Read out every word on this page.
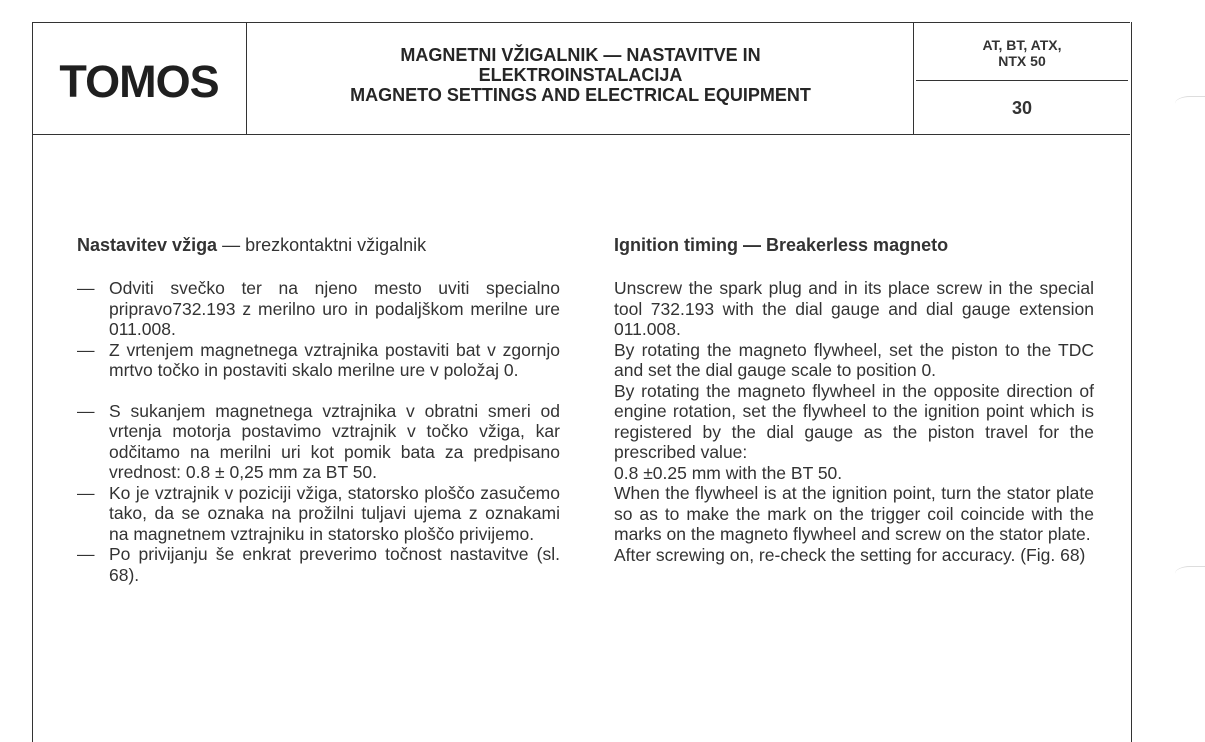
TOMOS
MAGNETNI VŽIGALNIK — NASTAVITVE IN
ELEKTROINSTALACIJA
MAGNETO SETTINGS AND ELECTRICAL EQUIPMENT
AT, BT, ATX,
NTX 50
30
Nastavitev vžiga — brezkontaktni vžigalnik
— Odviti svečko ter na njeno mesto uviti specialno pripravo732.193 z merilno uro in podaljškom merilne ure 011.008.
— Z vrtenjem magnetnega vztrajnika postaviti bat v zgornjo mrtvo točko in postaviti skalo merilne ure v položaj 0.
— S sukanjem magnetnega vztrajnika v obratni smeri od vrtenja motorja postavimo vztrajnik v točko vžiga, kar odčitamo na merilni uri kot pomik bata za predpisano vrednost: 0.8 ± 0,25 mm za BT 50.
— Ko je vztrajnik v poziciji vžiga, statorsko ploščo zasučemo tako, da se oznaka na prožilni tuljavi ujema z oznakami na magnetnem vztrajniku in statorsko ploščo privijemo.
— Po privijanju še enkrat preverimo točnost nastavitve (sl. 68).
Ignition timing — Breakerless magneto

Unscrew the spark plug and in its place screw in the special tool 732.193 with the dial gauge and dial gauge extension 011.008.

By rotating the magneto flywheel, set the piston to the TDC and set the dial gauge scale to position 0.

By rotating the magneto flywheel in the opposite direction of engine rotation, set the flywheel to the ignition point which is registered by the dial gauge as the piston travel for the prescribed value:

0.8 ±0.25 mm with the BT 50.

When the flywheel is at the ignition point, turn the stator plate so as to make the mark on the trigger coil coincide with the marks on the magneto flywheel and screw on the stator plate.

After screwing on, re-check the setting for accuracy. (Fig. 68)
